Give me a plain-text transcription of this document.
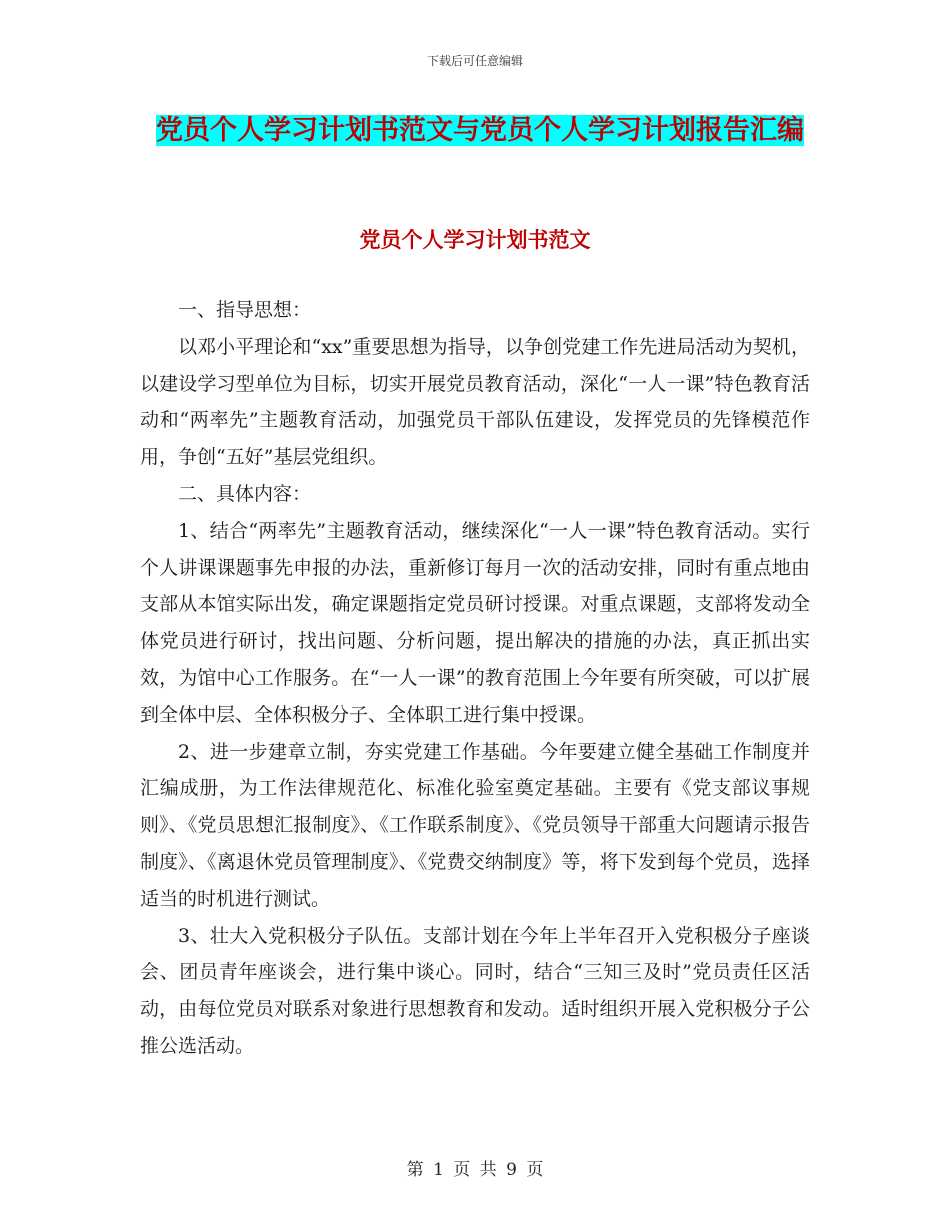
下载后可任意编辑
党员个人学习计划书范文与党员个人学习计划报告汇编
党员个人学习计划书范文

一、指导思想：

以邓小平理论和“xx”重要思想为指导，以争创党建工作先进局活动为契机，以建设学习型单位为目标，切实开展党员教育活动，深化“一人一课”特色教育活动和“两率先”主题教育活动，加强党员干部队伍建设，发挥党员的先锋模范作用，争创“五好”基层党组织。

二、具体内容：

1、结合“两率先”主题教育活动，继续深化“一人一课”特色教育活动。实行个人讲课课题事先申报的办法，重新修订每月一次的活动安排，同时有重点地由支部从本馆实际出发，确定课题指定党员研讨授课。对重点课题，支部将发动全体党员进行研讨，找出问题、分析问题，提出解决的措施的办法，真正抓出实效，为馆中心工作服务。在“一人一课”的教育范围上今年要有所突破，可以扩展到全体中层、全体积极分子、全体职工进行集中授课。

2、进一步建章立制，夯实党建工作基础。今年要建立健全基础工作制度并汇编成册，为工作法律规范化、标准化验室奠定基础。主要有《党支部议事规则》、《党员思想汇报制度》、《工作联系制度》、《党员领导干部重大问题请示报告制度》、《离退休党员管理制度》、《党费交纳制度》等，将下发到每个党员，选择适当的时机进行测试。

3、壮大入党积极分子队伍。支部计划在今年上半年召开入党积极分子座谈会、团员青年座谈会，进行集中谈心。同时，结合“三知三及时”党员责任区活动，由每位党员对联系对象进行思想教育和发动。适时组织开展入党积极分子公推公选活动。

第 1 页 共 9 页
